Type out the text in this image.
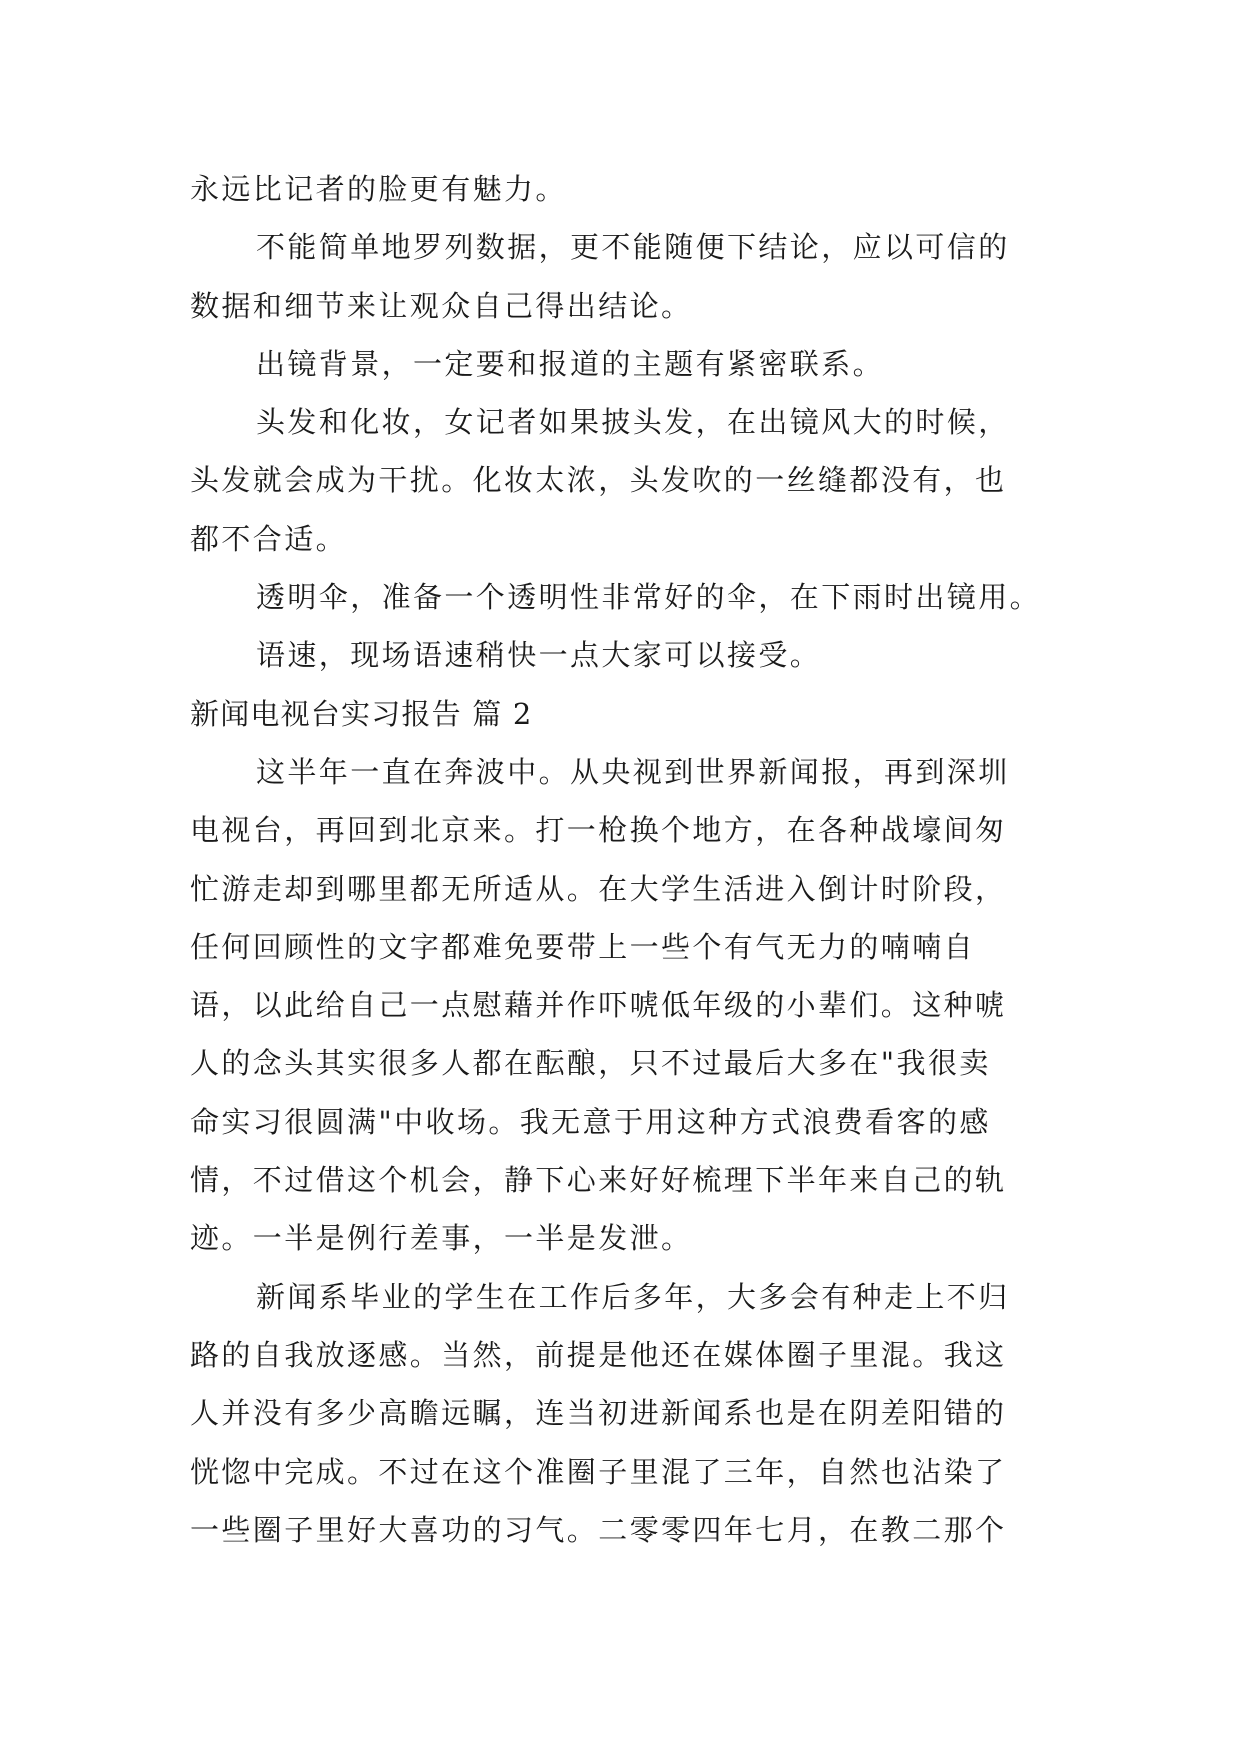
永远比记者的脸更有魅力。
不能简单地罗列数据，更不能随便下结论，应以可信的
数据和细节来让观众自己得出结论。
出镜背景，一定要和报道的主题有紧密联系。
头发和化妆，女记者如果披头发，在出镜风大的时候，
头发就会成为干扰。化妆太浓，头发吹的一丝缝都没有，也
都不合适。
透明伞，准备一个透明性非常好的伞，在下雨时出镜用。
语速，现场语速稍快一点大家可以接受。
新闻电视台实习报告 篇 2
这半年一直在奔波中。从央视到世界新闻报，再到深圳
电视台，再回到北京来。打一枪换个地方，在各种战壕间匆
忙游走却到哪里都无所适从。在大学生活进入倒计时阶段，
任何回顾性的文字都难免要带上一些个有气无力的喃喃自
语，以此给自己一点慰藉并作吓唬低年级的小辈们。这种唬
人的念头其实很多人都在酝酿，只不过最后大多在"我很卖
命实习很圆满"中收场。我无意于用这种方式浪费看客的感
情，不过借这个机会，静下心来好好梳理下半年来自己的轨
迹。一半是例行差事，一半是发泄。
新闻系毕业的学生在工作后多年，大多会有种走上不归
路的自我放逐感。当然，前提是他还在媒体圈子里混。我这
人并没有多少高瞻远瞩，连当初进新闻系也是在阴差阳错的
恍惚中完成。不过在这个准圈子里混了三年，自然也沾染了
一些圈子里好大喜功的习气。二零零四年七月，在教二那个
